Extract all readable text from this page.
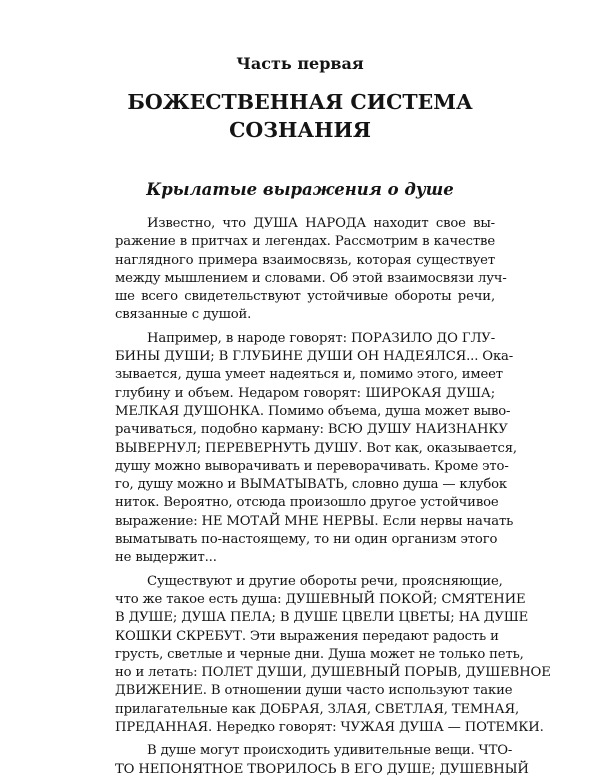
Часть первая
БОЖЕСТВЕННАЯ СИСТЕМА
СОЗНАНИЯ
Крылатые выражения о душе
Известно, что ДУША НАРОДА находит свое вы-
ражение в притчах и легендах. Рассмотрим в качестве
наглядного примера взаимосвязь, которая существует
между мышлением и словами. Об этой взаимосвязи луч-
ше всего свидетельствуют устойчивые обороты речи,
связанные с душой.
Например, в народе говорят: ПОРАЗИЛО ДО ГЛУ-
БИНЫ ДУШИ; В ГЛУБИНЕ ДУШИ ОН НАДЕЯЛСЯ... Ока-
зывается, душа умеет надеяться и, помимо этого, имеет
глубину и объем. Недаром говорят: ШИРОКАЯ ДУША;
МЕЛКАЯ ДУШОНКА. Помимо объема, душа может выво-
рачиваться, подобно карману: ВСЮ ДУШУ НАИЗНАНКУ
ВЫВЕРНУЛ; ПЕРЕВЕРНУТЬ ДУШУ. Вот как, оказывается,
душу можно выворачивать и переворачивать. Кроме это-
го, душу можно и ВЫМАТЫВАТЬ, словно душа — клубок
ниток. Вероятно, отсюда произошло другое устойчивое
выражение: НЕ МОТАЙ МНЕ НЕРВЫ. Если нервы начать
выматывать по-настоящему, то ни один организм этого
не выдержит...
Существуют и другие обороты речи, проясняющие,
что же такое есть душа: ДУШЕВНЫЙ ПОКОЙ; СМЯТЕНИЕ
В ДУШЕ; ДУША ПЕЛА; В ДУШЕ ЦВЕЛИ ЦВЕТЫ; НА ДУШЕ
КОШКИ СКРЕБУТ. Эти выражения передают радость и
грусть, светлые и черные дни. Душа может не только петь,
но и летать: ПОЛЕТ ДУШИ, ДУШЕВНЫЙ ПОРЫВ, ДУШЕВНОЕ
ДВИЖЕНИЕ. В отношении души часто используют такие
прилагательные как ДОБРАЯ, ЗЛАЯ, СВЕТЛАЯ, ТЕМНАЯ,
ПРЕДАННАЯ. Нередко говорят: ЧУЖАЯ ДУША — ПОТЕМКИ.
В душе могут происходить удивительные вещи. ЧТО-
ТО НЕПОНЯТНОЕ ТВОРИЛОСЬ В ЕГО ДУШЕ; ДУШЕВНЫЙ
